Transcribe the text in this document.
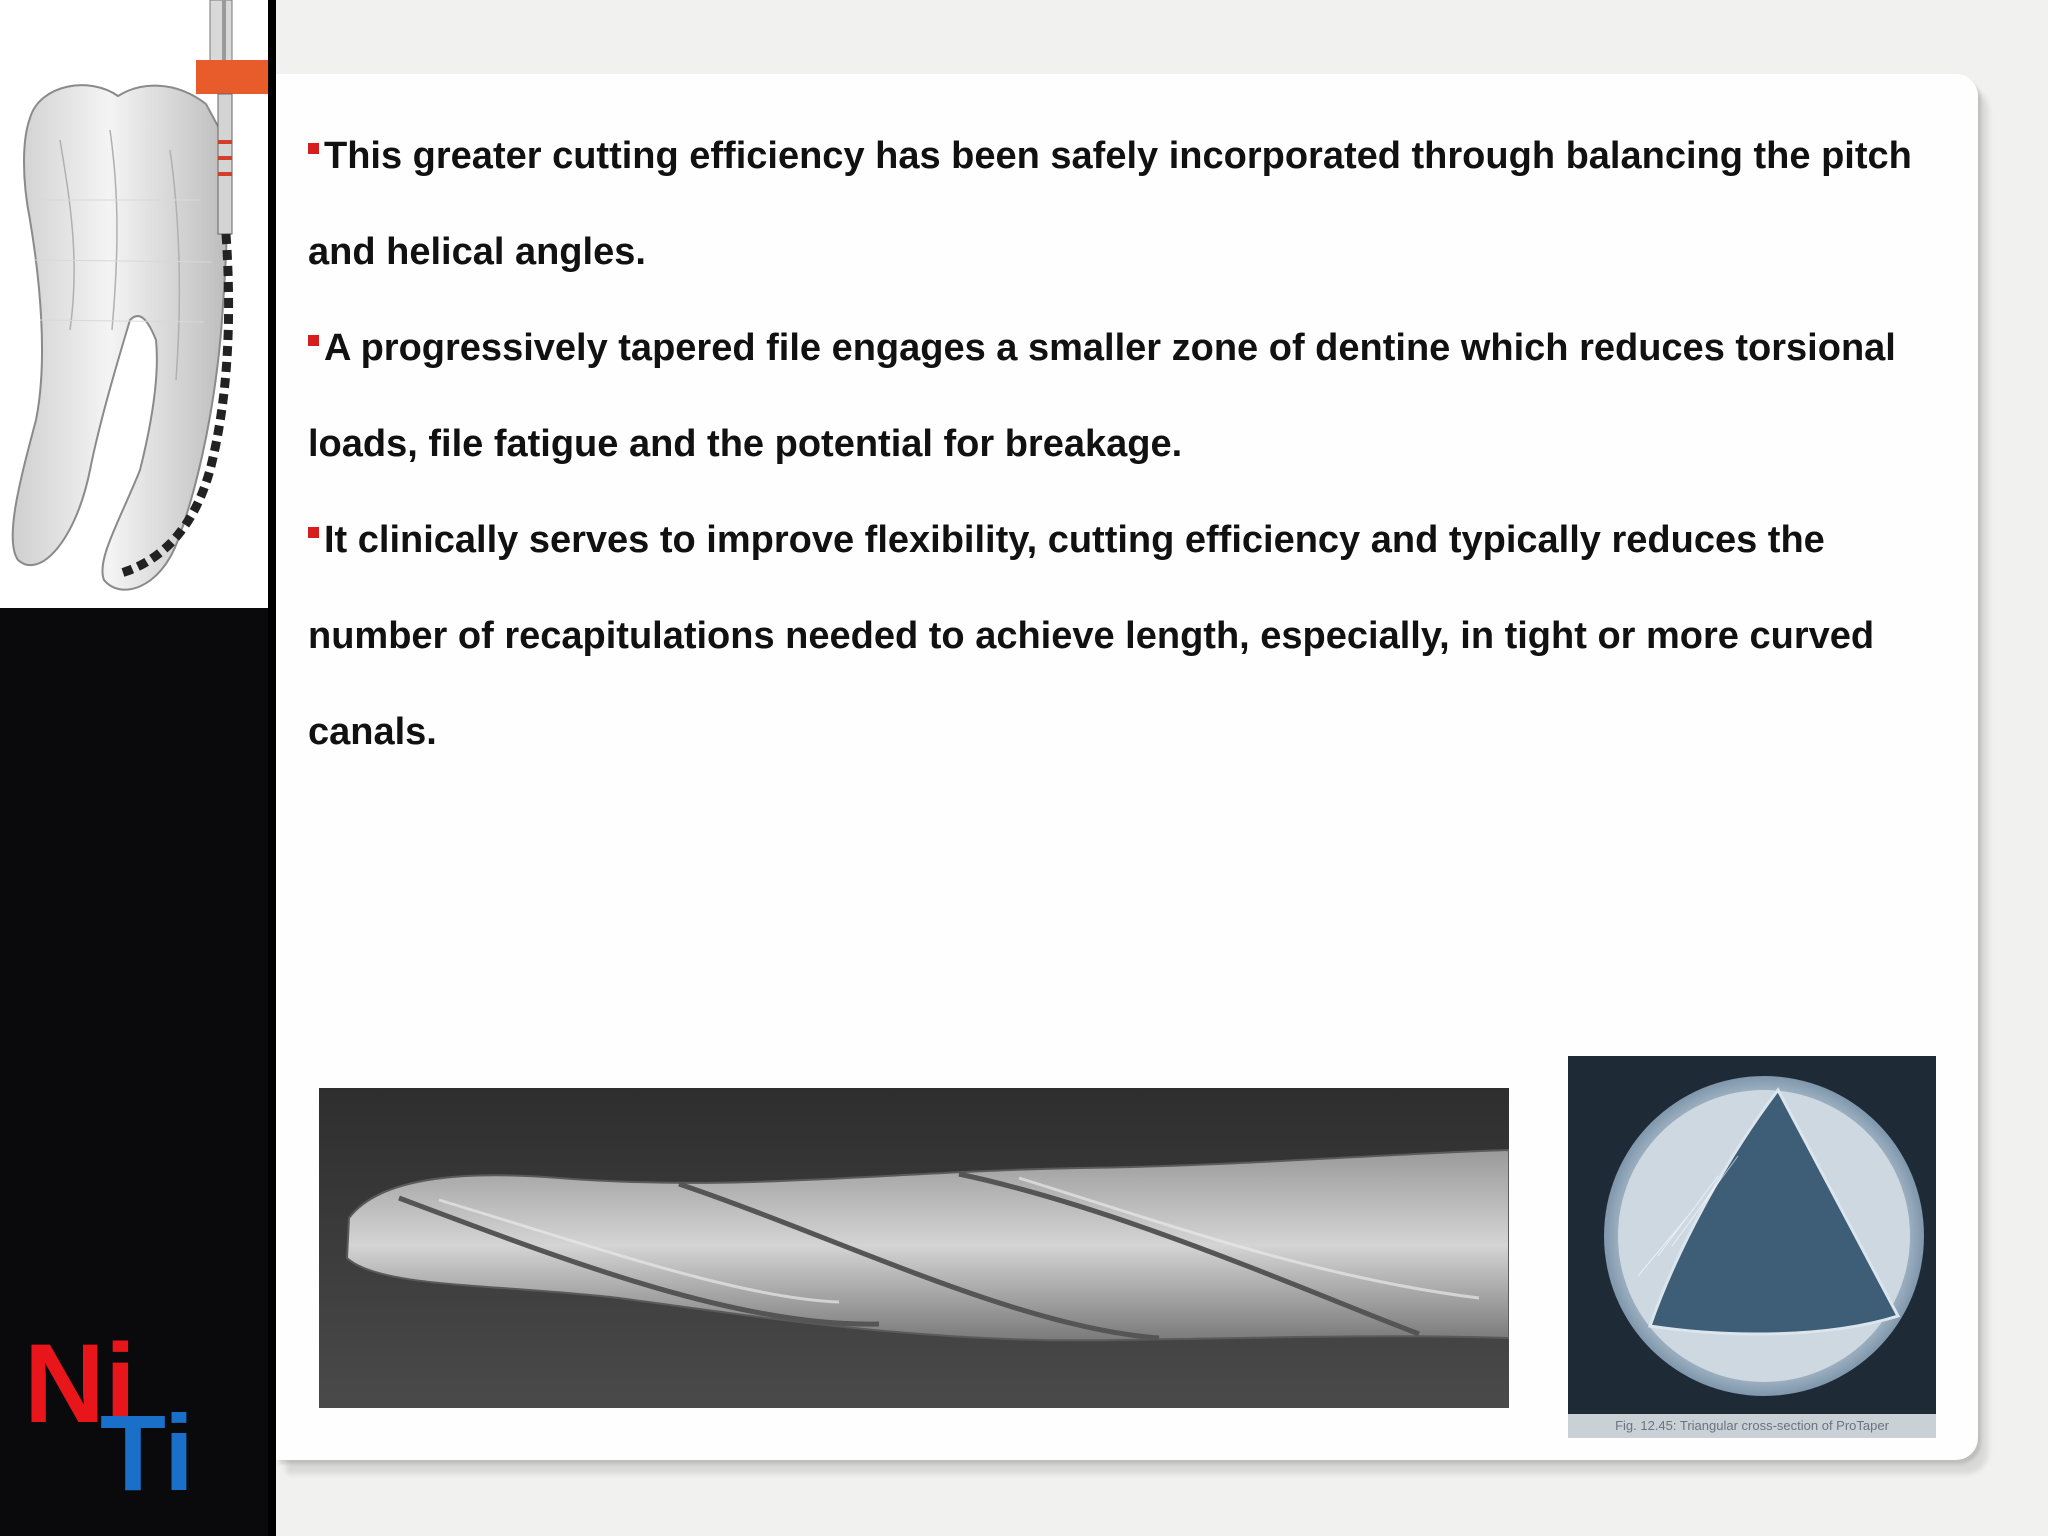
Ni
Ti
This greater cutting efficiency has been safely incorporated through balancing the pitch and helical angles.
A progressively tapered file engages a smaller zone of dentine which reduces torsional loads, file fatigue and the potential for breakage.
It clinically serves to improve flexibility, cutting efficiency and typically reduces the number of recapitulations needed to achieve length, especially, in tight or more curved canals.
Fig. 12.45: Triangular cross-section of ProTaper
